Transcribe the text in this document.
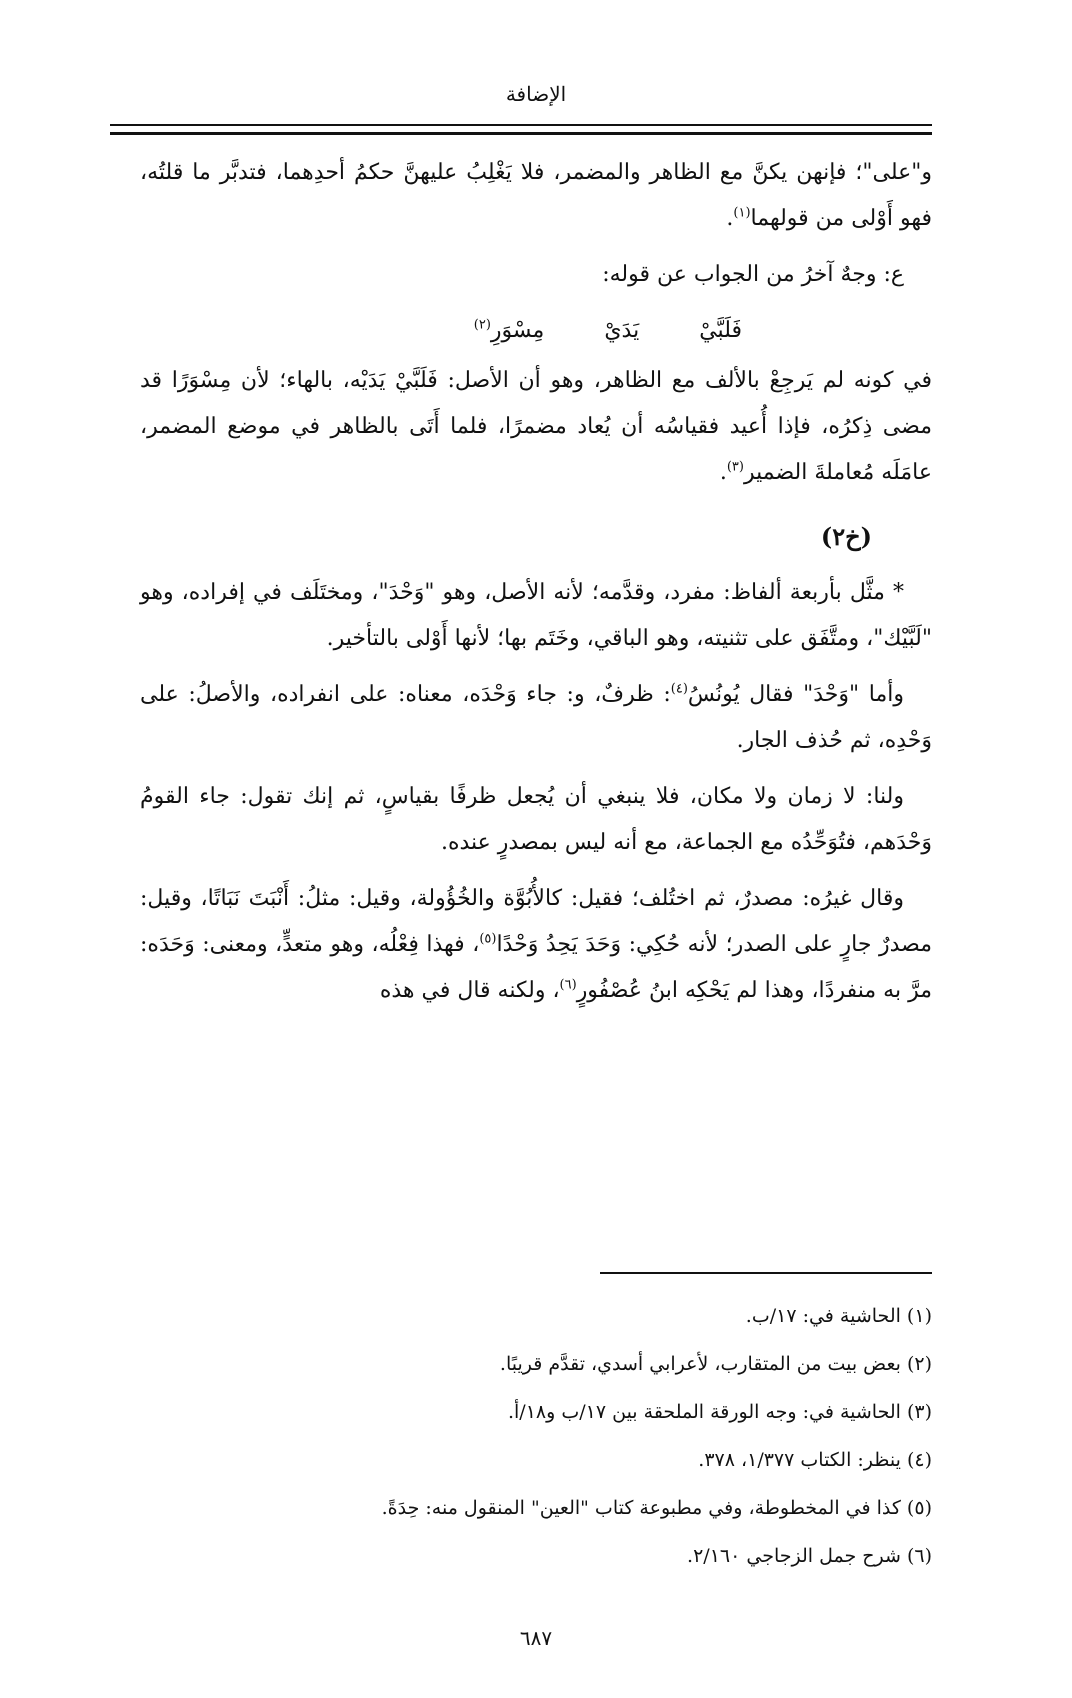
الإضافة

و"على"؛ فإنهن يكنَّ مع الظاهر والمضمر، فلا يَغْلِبُ عليهنَّ حكمُ أحدِهما، فتدبَّر ما قلتُه، فهو أَوْلى من قولهما$^{(١)}$.

ع: وجهٌ آخرُ من الجواب عن قوله:

فَلَبَّيْ
يَدَيْ
مِسْوَرِ$^{(٢)}$

في كونه لم يَرجِعْ بالألف مع الظاهر، وهو أن الأصل: فَلَبَّيْ يَدَيْه، بالهاء؛ لأن مِسْوَرًا قد مضى ذِكرُه، فإذا أُعيد فقياسُه أن يُعاد مضمرًا، فلما أَتَى بالظاهر في موضع المضمر، عامَلَه مُعاملةَ الضمير$^{(٣)}$.

(خ٢)

* مثَّل بأربعة ألفاظ: مفرد، وقدَّمه؛ لأنه الأصل، وهو "وَحْدَ"، ومختَلَف في إفراده، وهو "لَبَّيْك"، ومتَّفَق على تثنيته، وهو الباقي، وخَتَم بها؛ لأنها أَوْلى بالتأخير.

وأما "وَحْدَ" فقال يُونُسُ$^{(٤)}$: ظرفٌ، و: جاء وَحْدَه، معناه: على انفراده، والأصلُ: على وَحْدِه، ثم حُذف الجار.

ولنا: لا زمان ولا مكان، فلا ينبغي أن يُجعل ظرفًا بقياسٍ، ثم إنك تقول: جاء القومُ وَحْدَهم، فتُوَحِّدُه مع الجماعة، مع أنه ليس بمصدرٍ عنده.

وقال غيرُه: مصدرٌ، ثم اختُلف؛ فقيل: كالأُبُوَّة والخُؤُولة، وقيل: مثلُ: أَنْبَتَ نَبَاتًا، وقيل: مصدرٌ جارٍ على الصدر؛ لأنه حُكِي: وَحَدَ يَحِدُ وَحْدًا$^{(٥)}$، فهذا فِعْلُه، وهو متعدٍّ، ومعنى: وَحَدَه: مرَّ به منفردًا، وهذا لم يَحْكِه ابنُ عُصْفُورٍ$^{(٦)}$، ولكنه قال في هذه

(١) الحاشية في: ١٧/ب.
(٢) بعض بيت من المتقارب، لأعرابي أسدي، تقدَّم قريبًا.
(٣) الحاشية في: وجه الورقة الملحقة بين ١٧/ب و١٨/أ.
(٤) ينظر: الكتاب ١/٣٧٧، ٣٧٨.
(٥) كذا في المخطوطة، وفي مطبوعة كتاب "العين" المنقول منه: حِدَةً.
(٦) شرح جمل الزجاجي ٢/١٦٠.
٦٨٧
